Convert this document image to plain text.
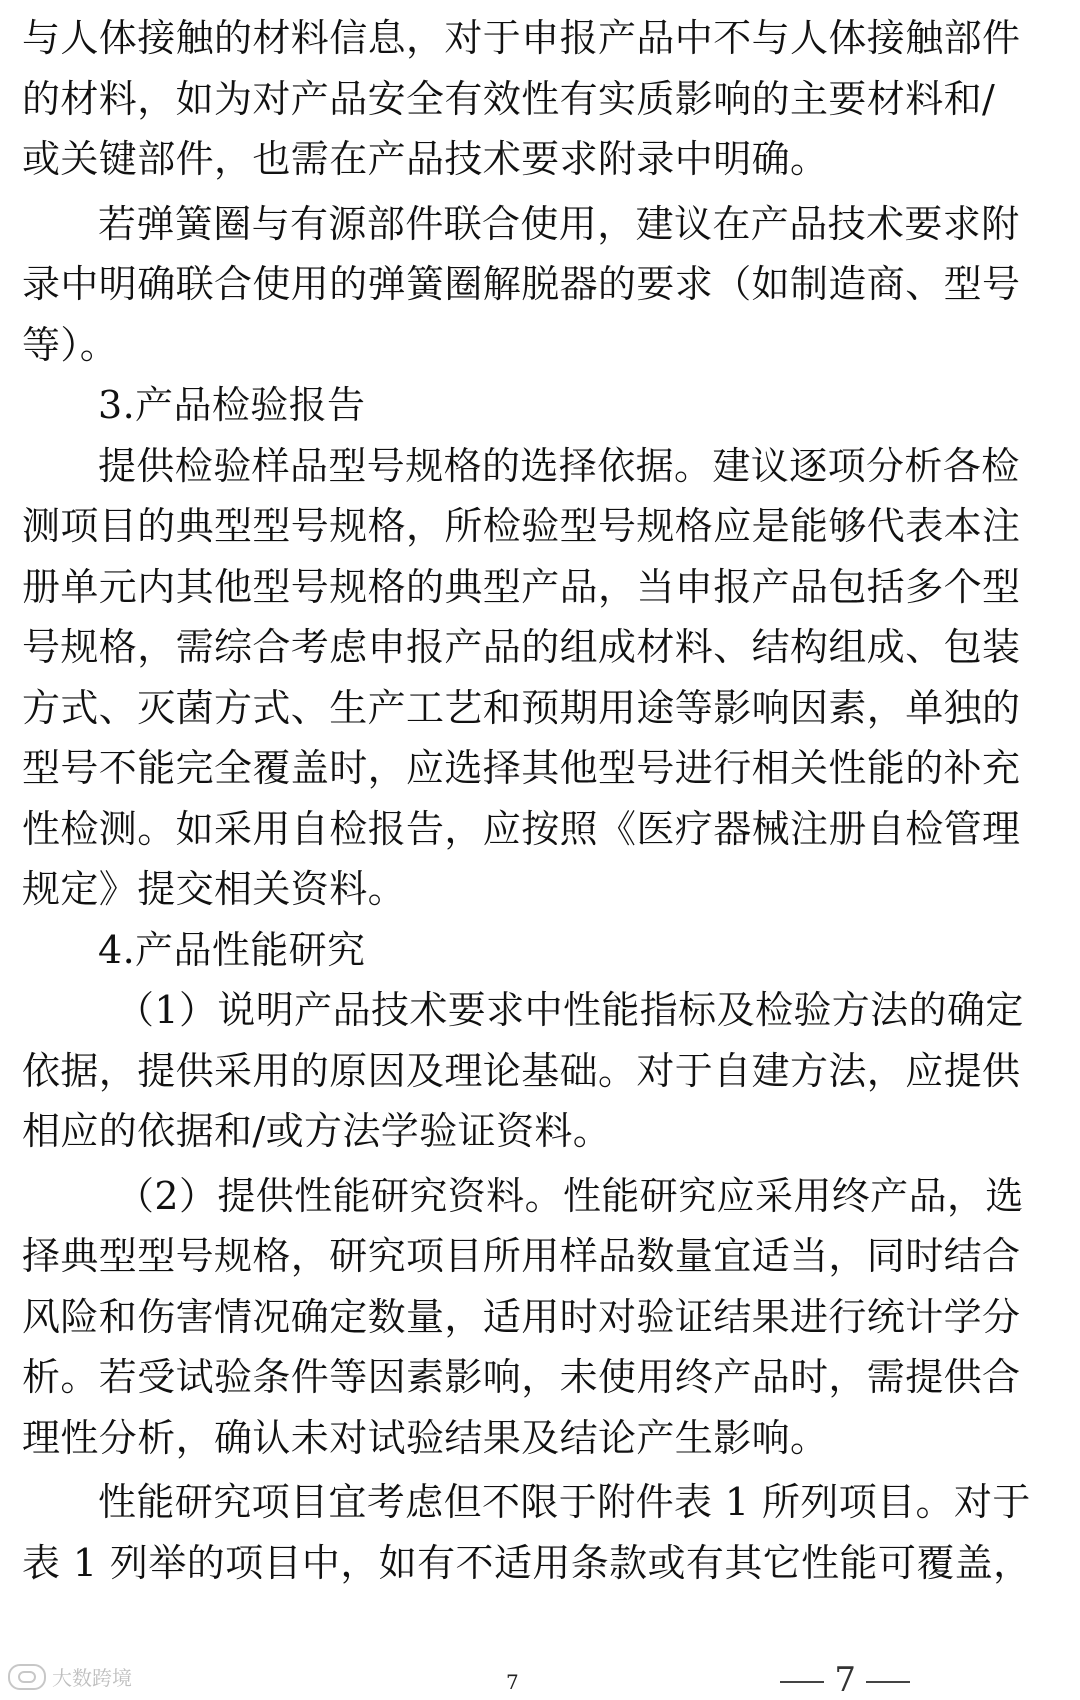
与人体接触的材料信息，对于申报产品中不与人体接触部件
的材料，如为对产品安全有效性有实质影响的主要材料和/
或关键部件，也需在产品技术要求附录中明确。

若弹簧圈与有源部件联合使用，建议在产品技术要求附
录中明确联合使用的弹簧圈解脱器的要求（如制造商、型号
等）。

3.产品检验报告

提供检验样品型号规格的选择依据。建议逐项分析各检
测项目的典型型号规格，所检验型号规格应是能够代表本注
册单元内其他型号规格的典型产品，当申报产品包括多个型
号规格，需综合考虑申报产品的组成材料、结构组成、包装
方式、灭菌方式、生产工艺和预期用途等影响因素，单独的
型号不能完全覆盖时，应选择其他型号进行相关性能的补充
性检测。如采用自检报告，应按照《医疗器械注册自检管理
规定》提交相关资料。

4.产品性能研究

（1）说明产品技术要求中性能指标及检验方法的确定
依据，提供采用的原因及理论基础。对于自建方法，应提供
相应的依据和/或方法学验证资料。

（2）提供性能研究资料。性能研究应采用终产品，选
择典型型号规格，研究项目所用样品数量宜适当，同时结合
风险和伤害情况确定数量，适用时对验证结果进行统计学分
析。若受试验条件等因素影响，未使用终产品时，需提供合
理性分析，确认未对试验结果及结论产生影响。

性能研究项目宜考虑但不限于附件表 1 所列项目。对于
表 1 列举的项目中，如有不适用条款或有其它性能可覆盖，

大数跨境	7	7
